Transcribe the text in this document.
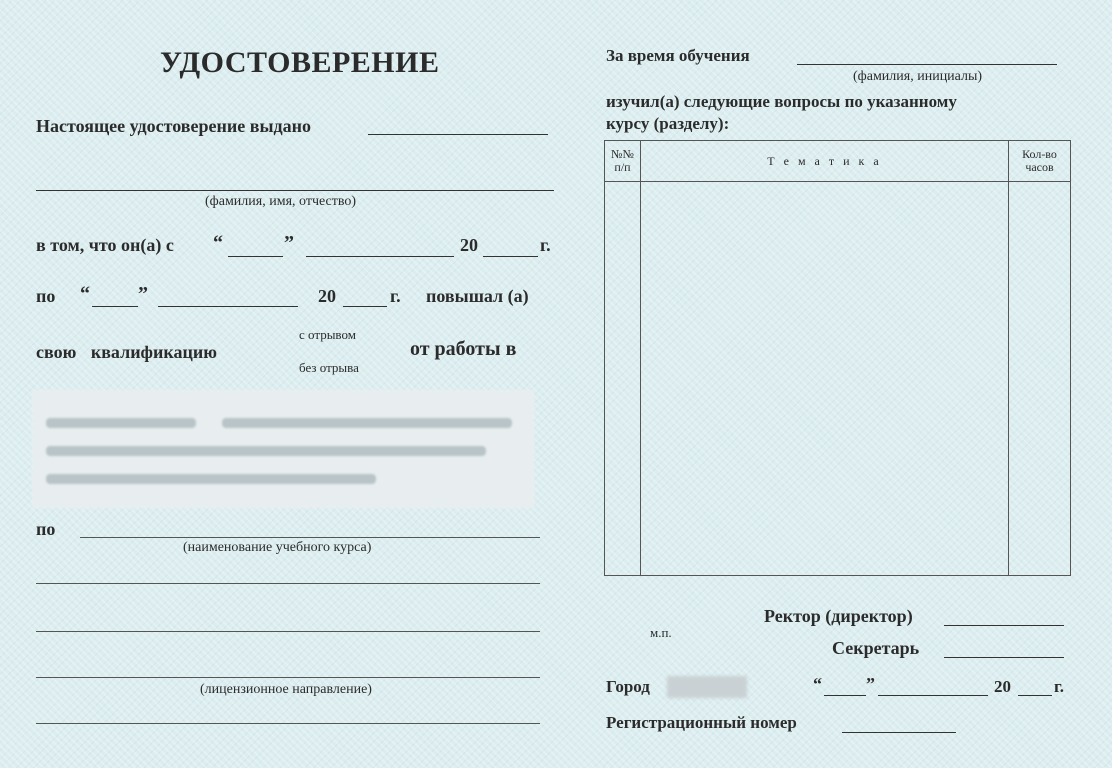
УДОСТОВЕРЕНИЕ
Настоящее удостоверение выдано
(фамилия, имя, отчество)
в том, что он(а) с “	”	20	г.
по “ ”	20	г. повышал (а)
свою квалификацию
с отрывом
без отрыва
от работы в
по
(наименование учебного курса)
(лицензионное направление)
За время обучения
(фамилия, инициалы)
изучил(а) следующие вопросы по указанному
курсу (разделу):
№№ п/п	Т е м а т и к а	Кол-во часов

Ректор (директор)
м.п.
Секретарь
Город	“ ”	20	г.
Регистрационный номер
